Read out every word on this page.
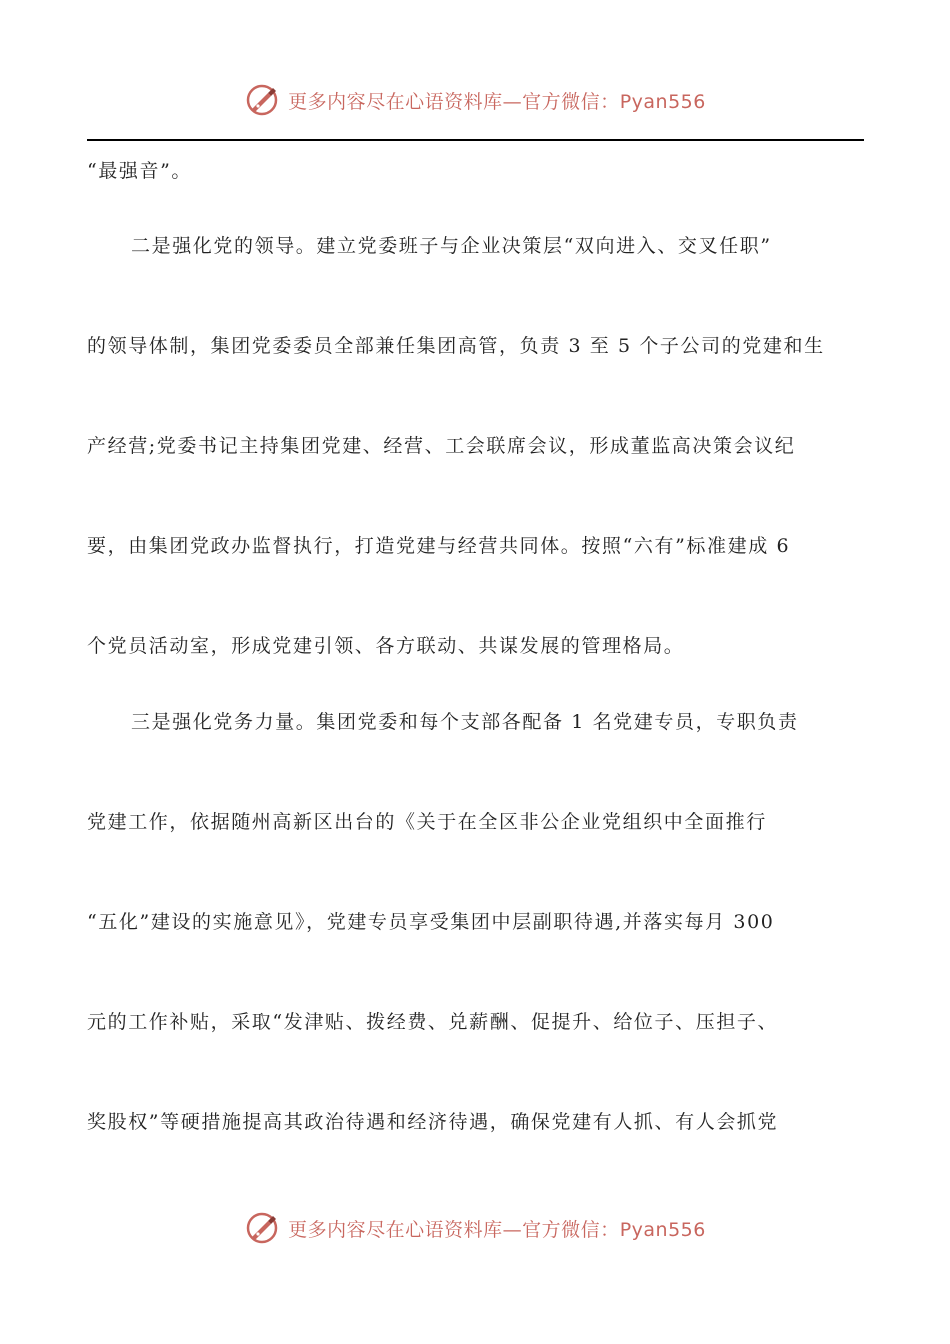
更多内容尽在心语资料库—官方微信：Pyan556
“最强音”。
二是强化党的领导。建立党委班子与企业决策层“双向进入、交叉任职”
的领导体制，集团党委委员全部兼任集团高管，负责 3 至 5 个子公司的党建和生
产经营;党委书记主持集团党建、经营、工会联席会议，形成董监高决策会议纪
要，由集团党政办监督执行，打造党建与经营共同体。按照“六有”标准建成 6
个党员活动室，形成党建引领、各方联动、共谋发展的管理格局。
三是强化党务力量。集团党委和每个支部各配备 1 名党建专员，专职负责
党建工作，依据随州高新区出台的《关于在全区非公企业党组织中全面推行
“五化”建设的实施意见》，党建专员享受集团中层副职待遇,并落实每月 300
元的工作补贴，采取“发津贴、拨经费、兑薪酬、促提升、给位子、压担子、
奖股权”等硬措施提高其政治待遇和经济待遇，确保党建有人抓、有人会抓党
更多内容尽在心语资料库—官方微信：Pyan556
